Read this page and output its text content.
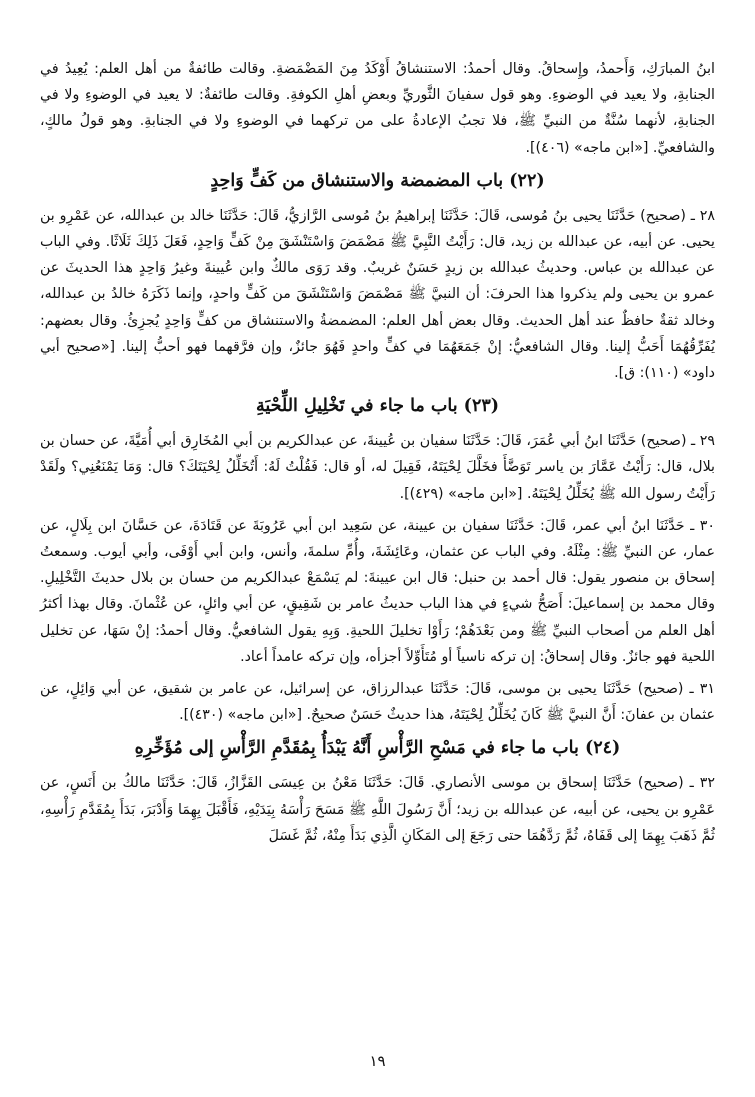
ابنُ المبارَكِ، وَأَحمدُ، وإِسحاقُ. وقال أحمدُ: الاستنشاقُ أَوْكَدُ مِنَ المَضْمَضةِ. وقالت طائفةٌ من أهل العلم: يُعِيدُ في الجنابةِ، ولا يعيد في الوضوءِ. وهو قول سفيانَ الثَّوريِّ وبعضِ أهلِ الكوفةِ. وقالت طائفةٌ: لا يعيد في الوضوءِ ولا في الجنابةِ، لأنهما سُنَّةٌ من النبيِّ ﷺ، فلا تجبُ الإعادةُ على من تركهما في الوضوءِ ولا في الجنابةِ. وهو قولُ مالكٍ، والشافعيِّ. [«ابن ماجه» (٤٠٦)].

(٢٢) باب المضمضة والاستنشاق من كَفٍّ وَاحِدٍ

٢٨ ـ (صحيح) حَدَّثَنَا يحيى بنُ مُوسى، قَالَ: حَدَّثَنَا إبراهيمُ بنُ مُوسى الرَّازيُّ، قَالَ: حَدَّثَنَا خالد بن عبدالله، عن عَمْرِو بن يحيى. عن أبيه، عن عبدالله بن زيد، قال: رَأَيْتُ النَّبِيَّ ﷺ مَضْمَضَ وَاسْتَنْشَقَ مِنْ كَفٍّ وَاحِدٍ، فَعَلَ ذَلِكَ ثَلَاثًا. وفي الباب عن عبدالله بن عباس. وحديثُ عبدالله بن زيدٍ حَسَنٌ غريبٌ. وقد رَوَى مالكٌ وابن عُيينةَ وغيرُ وَاحِدٍ هذا الحديثَ عن عمرو بن يحيى ولم يذكروا هذا الحرفَ: أن النبيَّ ﷺ مَضْمَضَ وَاسْتَنْشَقَ من كَفٍّ واحدٍ، وإنما ذَكَرَهُ خالدُ بن عبدالله، وخالد ثقةٌ حافظٌ عند أهل الحديث. وقال بعض أهل العلم: المضمضةُ والاستنشاق من كفٍّ وَاحِدٍ يُجزِئُ. وقال بعضهم: يُفَرِّقُهُمَا أَحَبُّ إلينا. وقال الشافعيُّ: إنْ جَمَعَهُمَا في كفٍّ واحدٍ فَهُوَ جائزٌ، وإن فرَّقهما فهو أحبُّ إلينا. [«صحيح أبي داود» (١١٠): ق].

(٢٣) باب ما جاء في تَخْلِيلِ اللِّحْيَةِ

٢٩ ـ (صحيح) حَدَّثَنَا ابنُ أبي عُمَرَ، قَالَ: حَدَّثَنَا سفيان بن عُيينةَ، عن عبدالكريم بن أبي المُخَارِق أبي أُمَيَّةَ، عن حسان بن بلال، قال: رَأَيْتُ عَمَّارَ بن ياسر تَوَضَّأَ فخَلَّلَ لِحْيَتَهُ، فَقِيلَ له، أو قال: فَقُلْتُ لَهُ: أَتُخَلِّلُ لِحْيَتَكَ؟ قال: وَمَا يَمْنَعُنِي؟ ولَقَدْ رَأَيْتُ رسول الله ﷺ يُخَلِّلُ لِحْيَتَهُ. [«ابن ماجه» (٤٢٩)].

٣٠ ـ حَدَّثَنَا ابنُ أبي عمر، قَالَ: حَدَّثَنَا سفيان بن عيينة، عن سَعِيد ابن أبي عَرُوبَةَ عن قَتَادَةَ، عن حَسَّانَ ابن بِلَالٍ، عن عمار، عن النبيِّ ﷺ: مِثْلَهُ. وفي الباب عن عثمان، وعَائِشَةَ، وأُمِّ سلمةَ، وأنس، وابن أبي أَوْفَى، وأبي أيوب. وسمعتُ إسحاق بن منصور يقول: قال أحمد بن حنبل: قال ابن عيينةَ: لم يَسْمَعْ عبدالكريم من حسان بن بلال حديثَ التَّخْلِيلِ. وقال محمد بن إسماعيلَ: أَصَحُّ شيءٍ في هذا الباب حديثُ عامر بن شَقِيقٍ، عن أبي وائلٍ، عن عُثْمانَ. وقال بهذا أكثرُ أهل العلم من أصحاب النبيِّ ﷺ ومن بَعْدَهُمْ؛ رَأَوْا تخليلَ اللحيةِ. وَبِهِ يقول الشافعيُّ. وقال أحمدُ: إنْ سَهَا، عن تخليل اللحية فهو جائزٌ. وقال إسحاقُ: إن تركه ناسياً أو مُتَأَوِّلاً أجزأه، وإن تركه عامداً أعاد.

٣١ ـ (صحيح) حَدَّثَنَا يحيى بن موسى، قَالَ: حَدَّثَنَا عبدالرزاق، عن إسرائيل، عن عامر بن شقيق، عن أبي وَائِلٍ، عن عثمان بن عفانَ: أَنَّ النبيَّ ﷺ كَانَ يُخَلِّلُ لِحْيَتَهُ، هذا حديثٌ حَسَنٌ صحيحٌ. [«ابن ماجه» (٤٣٠)].

(٢٤) باب ما جاء في مَسْحِ الرَّأْسِ أَنَّهُ يَبْدَأُ بِمُقَدَّمِ الرَّأْسِ إلى مُؤَخِّرِهِ

٣٢ ـ (صحيح) حَدَّثَنَا إسحاق بن موسى الأنصاري. قَالَ: حَدَّثَنَا مَعْنُ بن عِيسَى القَزَّازُ، قَالَ: حَدَّثَنَا مالكُ بن أَنَسٍ، عن عَمْرِو بن يحيى، عن أبيه، عن عبدالله بن زيد؛ أَنَّ رَسُولَ اللَّهِ ﷺ مَسَحَ رَأْسَهُ بِيَدَيْهِ، فَأَقْبَلَ بِهِمَا وَأَدْبَرَ، بَدَأَ بِمُقَدَّمِ رَأْسِهِ، ثُمَّ ذَهَبَ بِهِمَا إلى قَفَاهُ، ثُمَّ رَدَّهُمَا حتى رَجَعَ إلى المَكَانِ الَّذِي بَدَأَ مِنْهُ، ثُمَّ غَسَلَ

١٩
